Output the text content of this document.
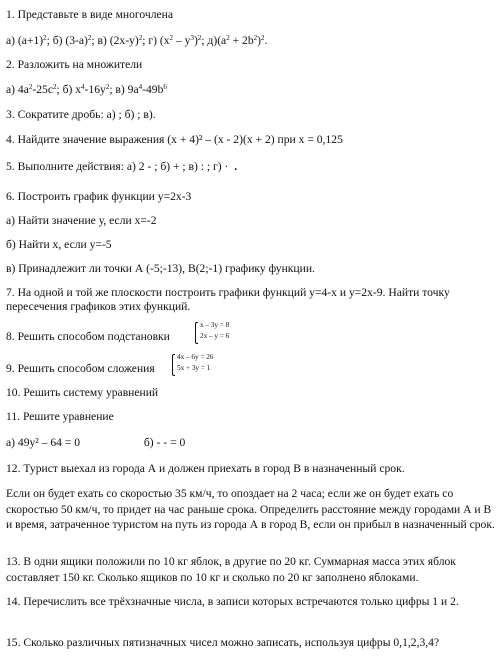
1. Представьте в виде многочлена
а) $(а+1)^2$; б) $(3-а)^2$; в) $(2х-у)^2$; г) $(х^2 - у^3)^2$; $д)(а^2 + 2b^2)^2$.
2. Разложить на множители
а) $4а^2-25с^2$; б) $х^4-16у^2$; в) $9а^4-49b^6$
3. Сократите дробь: а) ; б) ; в).
4. Найдите значение выражения (х + 4)² – (х - 2)(х + 2) при х = 0,125
5. Выполните действия: а) 2 - ; б) + ; в) : ; г) · .
6. Построить график функции у=2х-3
а) Найти значение у, если х=-2
б) Найти х, если у=-5
в) Принадлежит ли точки А (-5;-13), В(2;-1) графику функции.
7. На одной и той же плоскости построить графики функций у=4-х и у=2х-9. Найти точку пересечения графиков этих функций.
8. Решить способом подстановки
x – 3y = 8
2x – y = 6
9. Решить способом сложения
4x – 6y = 26
5x + 3y = 1
10. Решить систему уравнений
11. Решите уравнение
а) 49у² – 64 = 0	б) - - = 0
12. Турист выехал из города А и должен приехать в город В в назначенный срок.
Если он будет ехать со скоростью 35 км/ч, то опоздает на 2 часа; если же он будет ехать со скоростью 50 км/ч, то придет на час раньше срока. Определить расстояние между городами А и В и время, затраченное туристом на путь из города А в город В, если он прибыл в назначенный срок.
13. В одни ящики положили по 10 кг яблок, в другие по 20 кг. Суммарная масса этих яблок составляет 150 кг. Сколько ящиков по 10 кг и сколько по 20 кг заполнено яблоками.
14. Перечислить все трёхзначные числа, в записи которых встречаются только цифры 1 и 2.
15. Сколько различных пятизначных чисел можно записать, используя цифры 0,1,2,3,4?
